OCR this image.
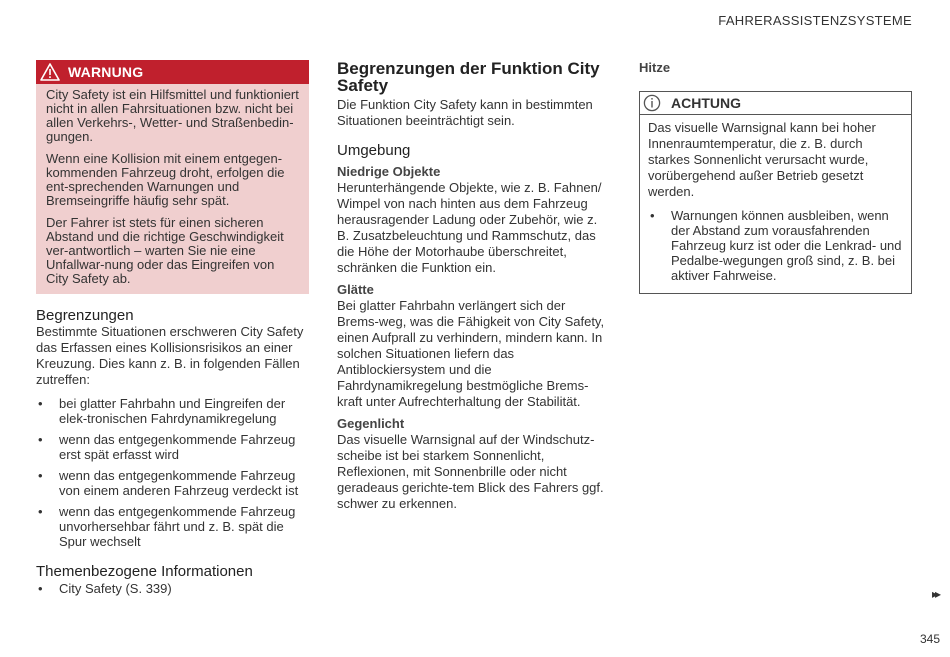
FAHRERASSISTENZSYSTEME
WARNUNG

City Safety ist ein Hilfsmittel und funktioniert nicht in allen Fahrsituationen bzw. nicht bei allen Verkehrs-, Wetter- und Straßenbedin-gungen.

Wenn eine Kollision mit einem entgegen-kommenden Fahrzeug droht, erfolgen die ent-sprechenden Warnungen und Bremseingriffe häufig sehr spät.

Der Fahrer ist stets für einen sicheren Abstand und die richtige Geschwindigkeit ver-antwortlich – warten Sie nie eine Unfallwar-nung oder das Eingreifen von City Safety ab.

Begrenzungen

Bestimmte Situationen erschweren City Safety das Erfassen eines Kollisionsrisikos an einer Kreuzung. Dies kann z. B. in folgenden Fällen zutreffen:

• bei glatter Fahrbahn und Eingreifen der elek-tronischen Fahrdynamikregelung
• wenn das entgegenkommende Fahrzeug erst spät erfasst wird
• wenn das entgegenkommende Fahrzeug von einem anderen Fahrzeug verdeckt ist
• wenn das entgegenkommende Fahrzeug unvorhersehbar fährt und z. B. spät die Spur wechselt
Themenbezogene Informationen
• City Safety (S. 339)
Begrenzungen der Funktion City Safety

Die Funktion City Safety kann in bestimmten Situationen beeinträchtigt sein.

Umgebung
Niedrige Objekte

Herunterhängende Objekte, wie z. B. Fahnen/ Wimpel von nach hinten aus dem Fahrzeug herausragender Ladung oder Zubehör, wie z. B. Zusatzbeleuchtung und Rammschutz, das die Höhe der Motorhaube überschreitet, schränken die Funktion ein.

Glätte

Bei glatter Fahrbahn verlängert sich der Brems-weg, was die Fähigkeit von City Safety, einen Aufprall zu verhindern, mindern kann. In solchen Situationen liefern das Antiblockiersystem und die Fahrdynamikregelung bestmögliche Brems-kraft unter Aufrechterhaltung der Stabilität.

Gegenlicht

Das visuelle Warnsignal auf der Windschutz-scheibe ist bei starkem Sonnenlicht, Reflexionen, mit Sonnenbrille oder nicht geradeaus gerichte-tem Blick des Fahrers ggf. schwer zu erkennen.

Hitze
ACHTUNG

Das visuelle Warnsignal kann bei hoher Innenraumtemperatur, die z. B. durch starkes Sonnenlicht verursacht wurde, vorübergehend außer Betrieb gesetzt werden.

• Warnungen können ausbleiben, wenn der Abstand zum vorausfahrenden Fahrzeug kurz ist oder die Lenkrad- und Pedalbe-wegungen groß sind, z. B. bei aktiver Fahrweise.
▸▸
345
